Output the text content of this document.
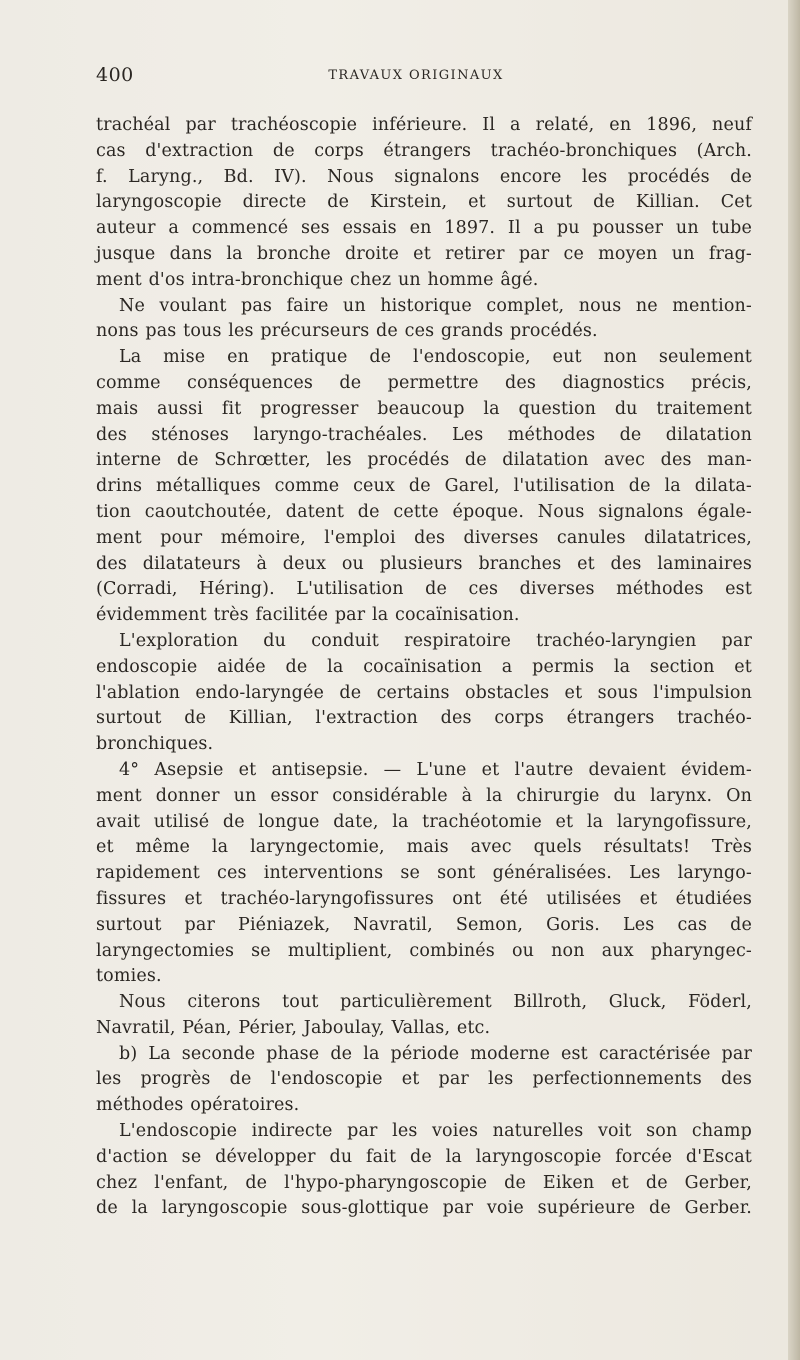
400	TRAVAUX ORIGINAUX
trachéal par trachéoscopie inférieure. Il a relaté, en 1896, neuf
cas d'extraction de corps étrangers trachéo-bronchiques (Arch.
f. Laryng., Bd. IV). Nous signalons encore les procédés de
laryngoscopie directe de Kirstein, et surtout de Killian. Cet
auteur a commencé ses essais en 1897. Il a pu pousser un tube
jusque dans la bronche droite et retirer par ce moyen un frag-
ment d'os intra-bronchique chez un homme âgé.
Ne voulant pas faire un historique complet, nous ne mention-
nons pas tous les précurseurs de ces grands procédés.
La mise en pratique de l'endoscopie, eut non seulement
comme conséquences de permettre des diagnostics précis,
mais aussi fit progresser beaucoup la question du traitement
des sténoses laryngo-trachéales. Les méthodes de dilatation
interne de Schrœtter, les procédés de dilatation avec des man-
drins métalliques comme ceux de Garel, l'utilisation de la dilata-
tion caoutchoutée, datent de cette époque. Nous signalons égale-
ment pour mémoire, l'emploi des diverses canules dilatatrices,
des dilatateurs à deux ou plusieurs branches et des laminaires
(Corradi, Héring). L'utilisation de ces diverses méthodes est
évidemment très facilitée par la cocaïnisation.
L'exploration du conduit respiratoire trachéo-laryngien par
endoscopie aidée de la cocaïnisation a permis la section et
l'ablation endo-laryngée de certains obstacles et sous l'impulsion
surtout de Killian, l'extraction des corps étrangers trachéo-
bronchiques.
4° Asepsie et antisepsie. — L'une et l'autre devaient évidem-
ment donner un essor considérable à la chirurgie du larynx. On
avait utilisé de longue date, la trachéotomie et la laryngofissure,
et même la laryngectomie, mais avec quels résultats! Très
rapidement ces interventions se sont généralisées. Les laryngo-
fissures et trachéo-laryngofissures ont été utilisées et étudiées
surtout par Piéniazek, Navratil, Semon, Goris. Les cas de
laryngectomies se multiplient, combinés ou non aux pharyngec-
tomies.
Nous citerons tout particulièrement Billroth, Gluck, Föderl,
Navratil, Péan, Périer, Jaboulay, Vallas, etc.
b) La seconde phase de la période moderne est caractérisée par
les progrès de l'endoscopie et par les perfectionnements des
méthodes opératoires.
L'endoscopie indirecte par les voies naturelles voit son champ
d'action se développer du fait de la laryngoscopie forcée d'Escat
chez l'enfant, de l'hypo-pharyngoscopie de Eiken et de Gerber,
de la laryngoscopie sous-glottique par voie supérieure de Gerber.
